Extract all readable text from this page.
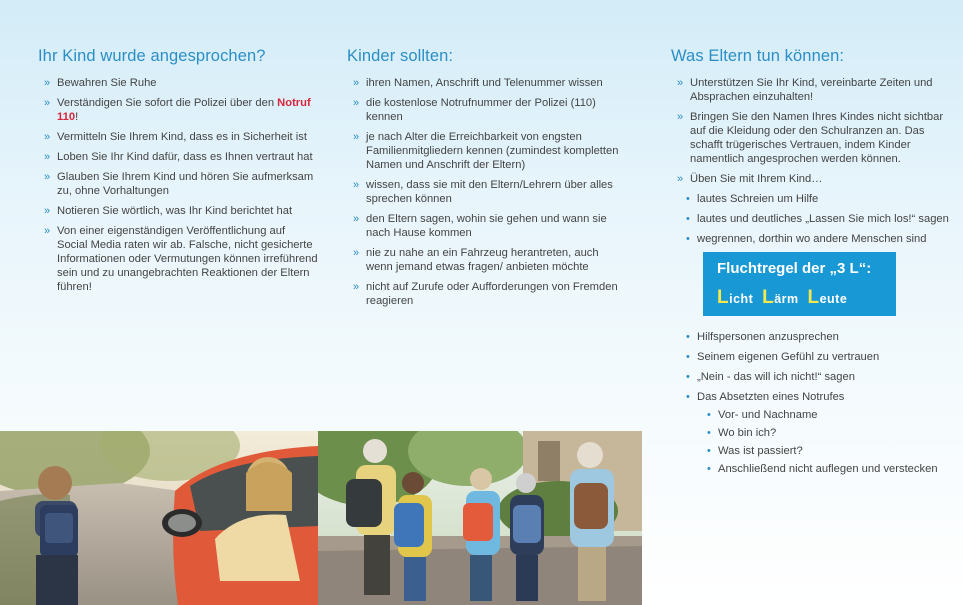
Ihr Kind wurde angesprochen?
» Bewahren Sie Ruhe
» Verständigen Sie sofort die Polizei über den Notruf 110!
» Vermitteln Sie Ihrem Kind, dass es in Sicherheit ist
» Loben Sie Ihr Kind dafür, dass es Ihnen vertraut hat
» Glauben Sie Ihrem Kind und hören Sie aufmerksam zu, ohne Vorhaltungen
» Notieren Sie wörtlich, was Ihr Kind berichtet hat
» Von einer eigenständigen Veröffentlichung auf Social Media raten wir ab. Falsche, nicht gesicherte Informationen oder Vermutungen können irreführend sein und zu unangebrachten Reaktionen der Eltern führen!
Kinder sollten:
» ihren Namen, Anschrift und Telenummer wissen
» die kostenlose Notrufnummer der Polizei (110) kennen
» je nach Alter die Erreichbarkeit von engsten Familienmitgliedern kennen (zumindest kompletten Namen und Anschrift der Eltern)
» wissen, dass sie mit den Eltern/Lehrern über alles sprechen können
» den Eltern sagen, wohin sie gehen und wann sie nach Hause kommen
» nie zu nahe an ein Fahrzeug herantreten, auch wenn jemand etwas fragen/ anbieten möchte
» nicht auf Zurufe oder Aufforderungen von Fremden reagieren
Was Eltern tun können:
» Unterstützen Sie Ihr Kind, vereinbarte Zeiten und Absprachen einzuhalten!
» Bringen Sie den Namen Ihres Kindes nicht sichtbar auf die Kleidung oder den Schulranzen an. Das schafft trügerisches Vertrauen, indem Kinder namentlich angesprochen werden können.
» Üben Sie mit Ihrem Kind…
• lautes Schreien um Hilfe
• lautes und deutliches „Lassen Sie mich los!“ sagen
• wegrennen, dorthin wo andere Menschen sind
Fluchtregel der „3 L“:
Licht Lärm Leute
• Hilfspersonen anzusprechen
• Seinem eigenen Gefühl zu vertrauen
• „Nein - das will ich nicht!“ sagen
• Das Absetzten eines Notrufes
• Vor- und Nachname
• Wo bin ich?
• Was ist passiert?
• Anschließend nicht auflegen und verstecken
